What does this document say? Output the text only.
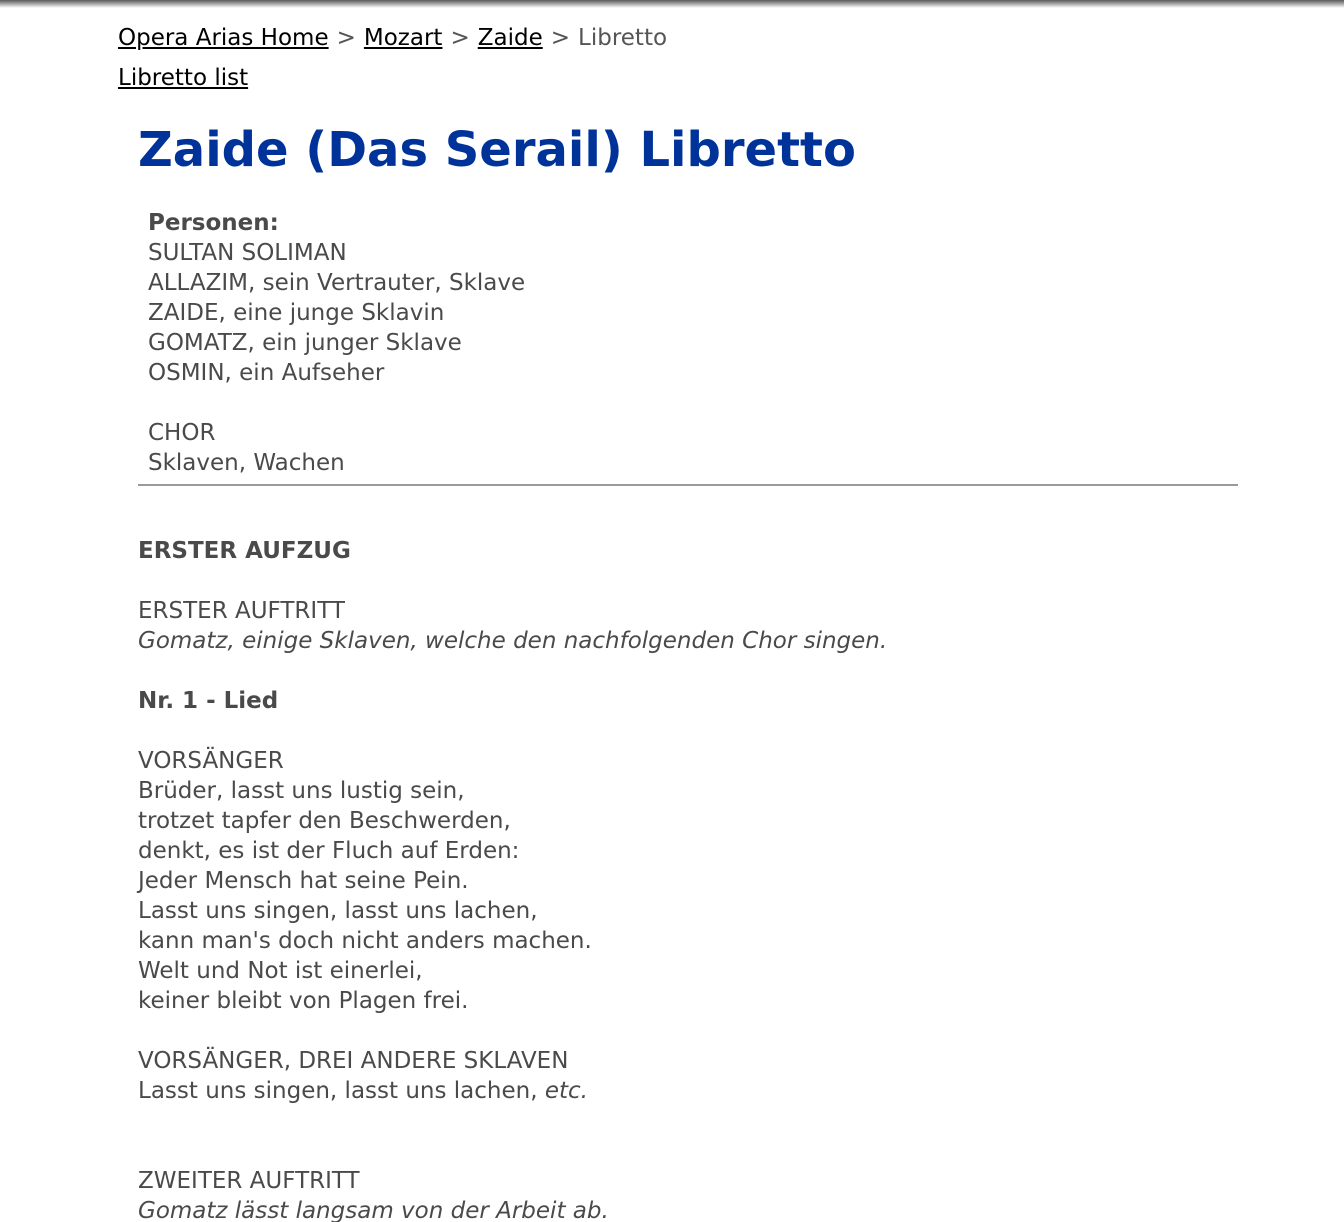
Opera Arias Home > Mozart > Zaide > Libretto
Libretto list
Zaide (Das Serail) Libretto
Personen:
SULTAN SOLIMAN
ALLAZIM, sein Vertrauter, Sklave
ZAIDE, eine junge Sklavin
GOMATZ, ein junger Sklave
OSMIN, ein Aufseher
CHOR
Sklaven, Wachen
ERSTER AUFZUG
ERSTER AUFTRITT
Gomatz, einige Sklaven, welche den nachfolgenden Chor singen.
Nr. 1 - Lied
VORSÄNGER
Brüder, lasst uns lustig sein,
trotzet tapfer den Beschwerden,
denkt, es ist der Fluch auf Erden:
Jeder Mensch hat seine Pein.
Lasst uns singen, lasst uns lachen,
kann man's doch nicht anders machen.
Welt und Not ist einerlei,
keiner bleibt von Plagen frei.
VORSÄNGER, DREI ANDERE SKLAVEN
Lasst uns singen, lasst uns lachen, etc.
ZWEITER AUFTRITT
Gomatz lässt langsam von der Arbeit ab.
